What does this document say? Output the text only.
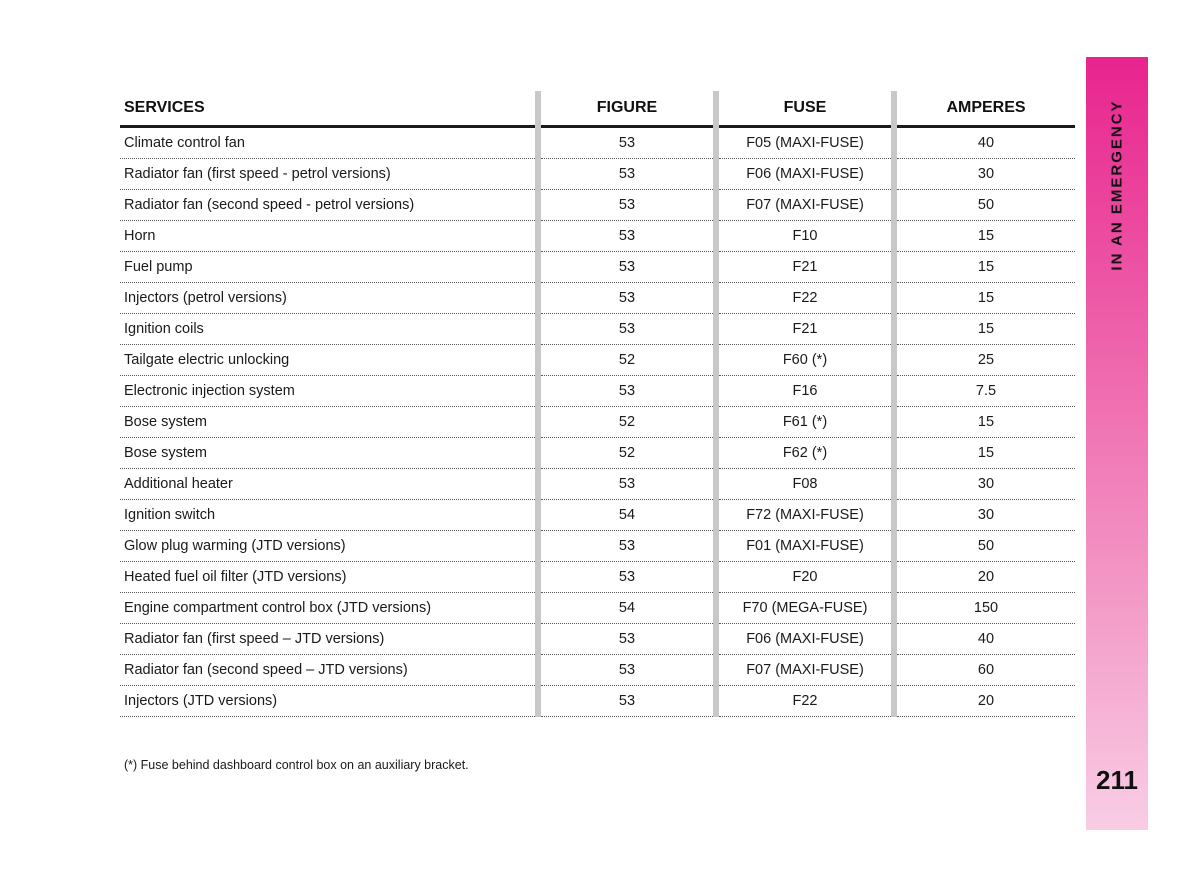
SERVICES	FIGURE	FUSE	AMPERES
Climate control fan	53	F05 (MAXI-FUSE)	40
Radiator fan (first speed - petrol versions)	53	F06 (MAXI-FUSE)	30
Radiator fan (second speed - petrol versions)	53	F07 (MAXI-FUSE)	50
Horn	53	F10	15
Fuel pump	53	F21	15
Injectors (petrol versions)	53	F22	15
Ignition coils	53	F21	15
Tailgate electric unlocking	52	F60 (*)	25
Electronic injection system	53	F16	7.5
Bose system	52	F61 (*)	15
Bose system	52	F62 (*)	15
Additional heater	53	F08	30
Ignition switch	54	F72 (MAXI-FUSE)	30
Glow plug warming (JTD versions)	53	F01 (MAXI-FUSE)	50
Heated fuel oil filter (JTD versions)	53	F20	20
Engine compartment control box (JTD versions)	54	F70 (MEGA-FUSE)	150
Radiator fan (first speed – JTD versions)	53	F06 (MAXI-FUSE)	40
Radiator fan (second speed – JTD versions)	53	F07 (MAXI-FUSE)	60
Injectors (JTD versions)	53	F22	20
(*) Fuse behind dashboard control box on an auxiliary bracket.
IN AN EMERGENCY
211
